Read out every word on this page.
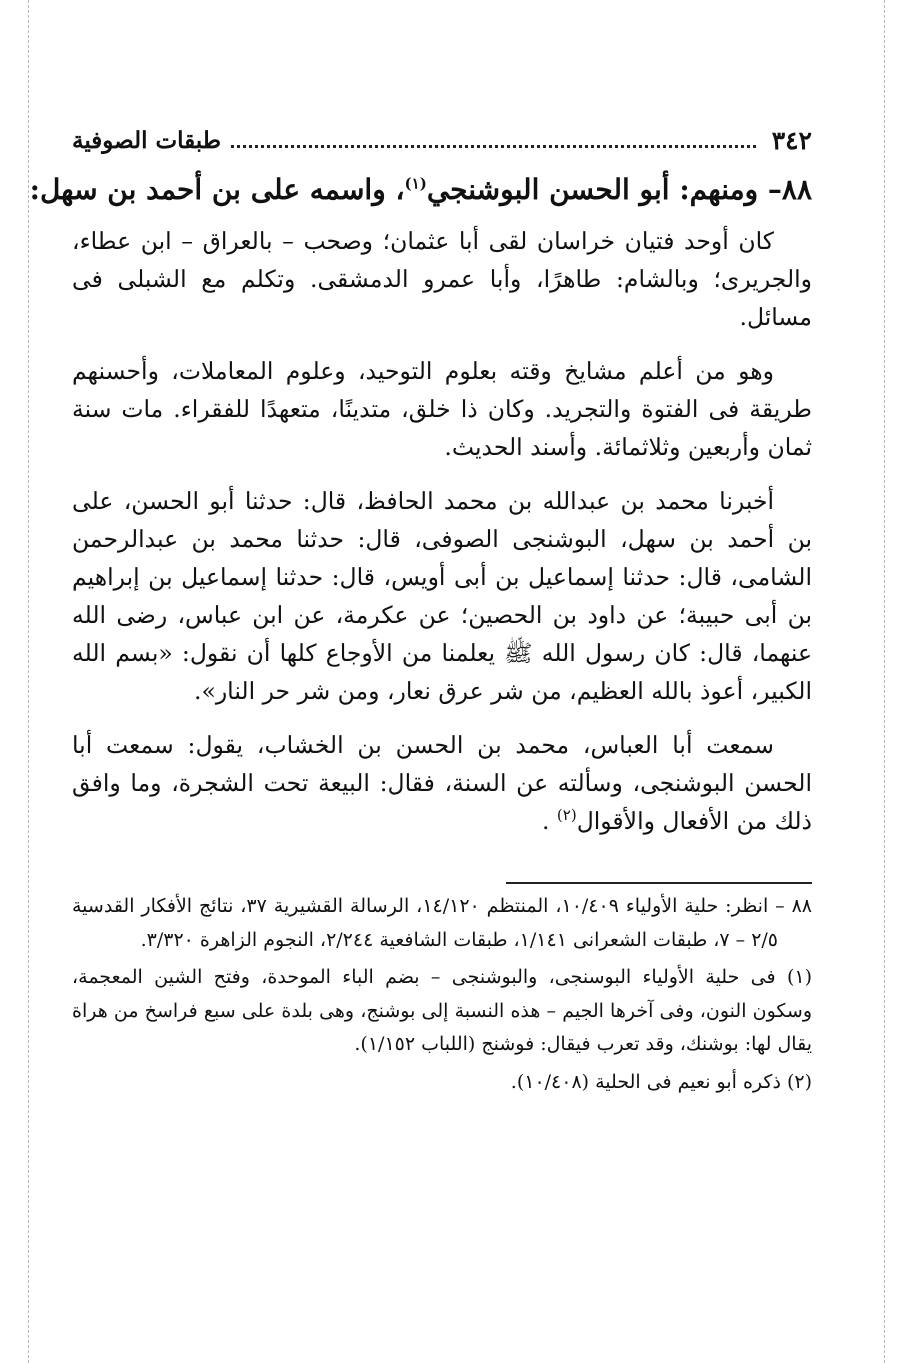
٣٤٢
طبقات الصوفية
٨٨– ومنهم: أبو الحسن البوشنجي$^{(١)}$، واسمه على بن أحمد بن سهل:

كان أوحد فتيان خراسان لقى أبا عثمان؛ وصحب – بالعراق – ابن عطاء، والجريرى؛ وبالشام: طاهرًا، وأبا عمرو الدمشقى. وتكلم مع الشبلى فى مسائل.

وهو من أعلم مشايخ وقته بعلوم التوحيد، وعلوم المعاملات، وأحسنهم طريقة فى الفتوة والتجريد. وكان ذا خلق، متدينًا، متعهدًا للفقراء. مات سنة ثمان وأربعين وثلاثمائة. وأسند الحديث.

أخبرنا محمد بن عبدالله بن محمد الحافظ، قال: حدثنا أبو الحسن، على بن أحمد بن سهل، البوشنجى الصوفى، قال: حدثنا محمد بن عبدالرحمن الشامى، قال: حدثنا إسماعيل بن أبى أويس، قال: حدثنا إسماعيل بن إبراهيم بن أبى حبيبة؛ عن داود بن الحصين؛ عن عكرمة، عن ابن عباس، رضى الله عنهما، قال: كان رسول الله ﷺ يعلمنا من الأوجاع كلها أن نقول: «بسم الله الكبير، أعوذ بالله العظيم، من شر عرق نعار، ومن شر حر النار».

سمعت أبا العباس، محمد بن الحسن بن الخشاب، يقول: سمعت أبا الحسن البوشنجى، وسألته عن السنة، فقال: البيعة تحت الشجرة، وما وافق ذلك من الأفعال والأقوال$^{(٢)}$ .

٨٨ – انظر: حلية الأولياء ١٠/٤٠٩، المنتظم ١٤/١٢٠، الرسالة القشيرية ٣٧، نتائج الأفكار القدسية ٢/٥ – ٧، طبقات الشعرانى ١/١٤١، طبقات الشافعية ٢/٢٤٤، النجوم الزاهرة ٣/٣٢٠.

(١) فى حلية الأولياء البوسنجى، والبوشنجى – بضم الباء الموحدة، وفتح الشين المعجمة، وسكون النون، وفى آخرها الجيم – هذه النسبة إلى بوشنج، وهى بلدة على سبع فراسخ من هراة يقال لها: بوشنك، وقد تعرب فيقال: فوشنج (اللباب ١/١٥٢).

(٢) ذكره أبو نعيم فى الحلية (١٠/٤٠٨).
